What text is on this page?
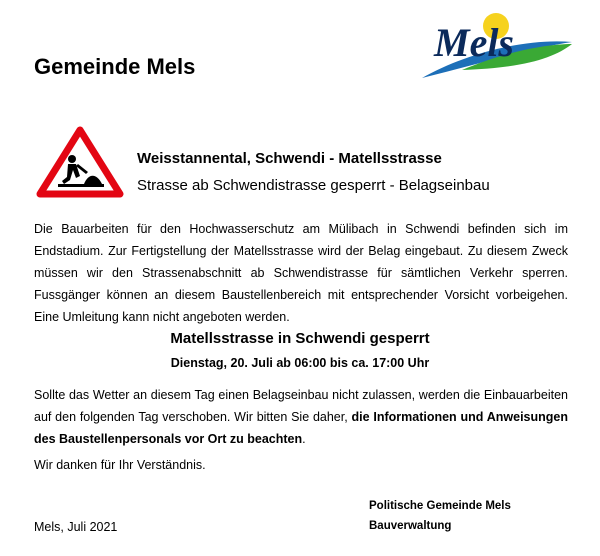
Gemeinde Mels
Mels
Weisstannental, Schwendi - Matellsstrasse
Strasse ab Schwendistrasse gesperrt - Belagseinbau
Die Bauarbeiten für den Hochwasserschutz am Mülibach in Schwendi befinden sich im Endstadium. Zur Fertigstellung der Matellsstrasse wird der Belag eingebaut. Zu diesem Zweck müssen wir den Strassenabschnitt ab Schwendistrasse für sämtlichen Verkehr sperren. Fussgänger können an diesem Baustellenbereich mit entsprechender Vorsicht vorbeigehen. Eine Umleitung kann nicht angeboten werden.
Matellsstrasse in Schwendi gesperrt
Dienstag, 20. Juli ab 06:00 bis ca. 17:00 Uhr
Sollte das Wetter an diesem Tag einen Belagseinbau nicht zulassen, werden die Einbauarbeiten auf den folgenden Tag verschoben. Wir bitten Sie daher, die Informationen und Anweisungen des Baustellenpersonals vor Ort zu beachten.
Wir danken für Ihr Verständnis.
Mels, Juli 2021
Politische Gemeinde Mels
Bauverwaltung
